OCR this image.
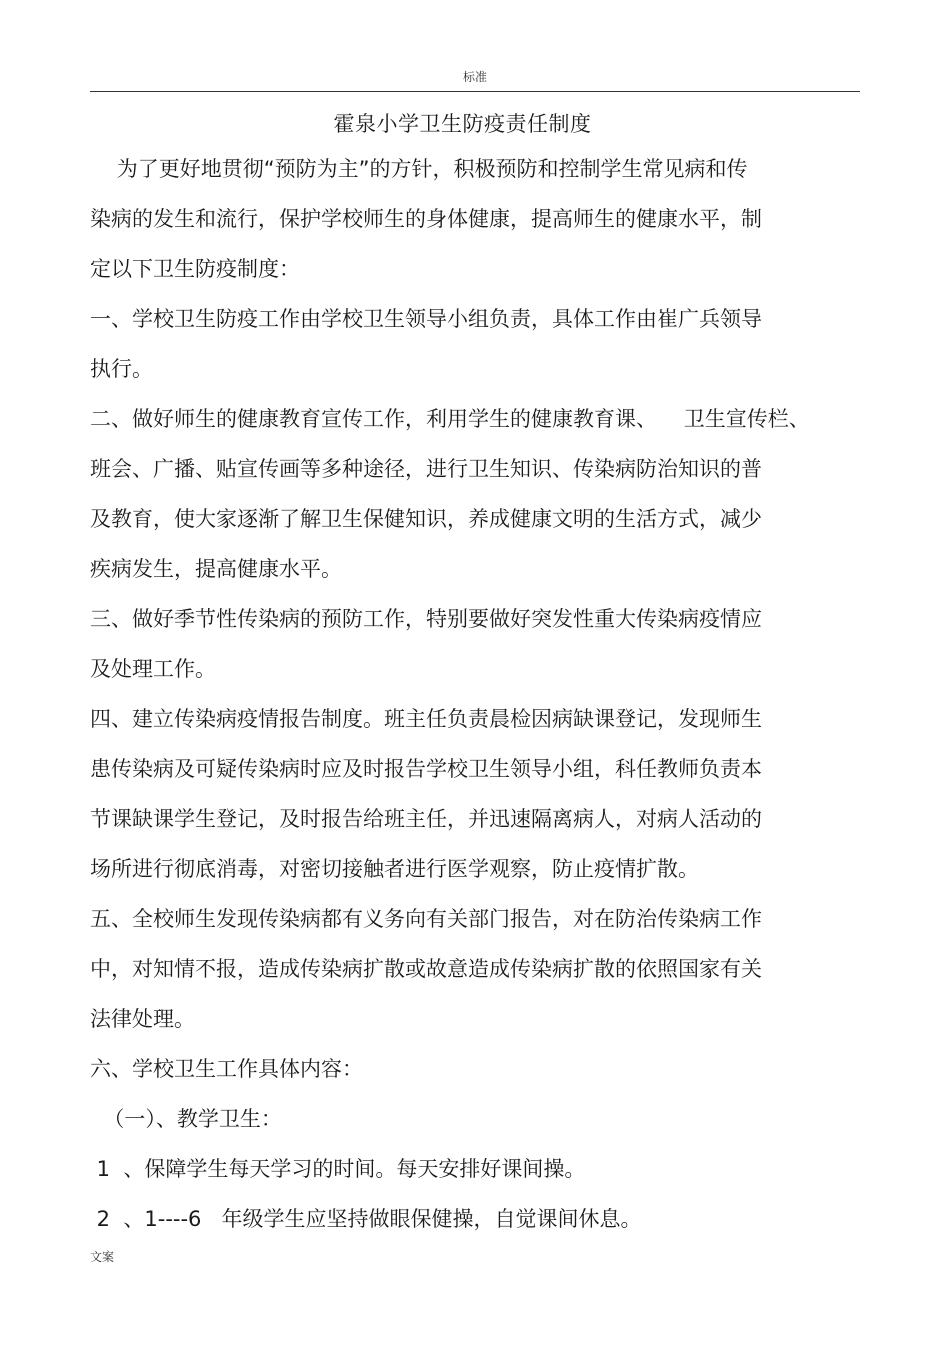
标准
霍泉小学卫生防疫责任制度
为了更好地贯彻“预防为主”的方针，积极预防和控制学生常见病和传
染病的发生和流行，保护学校师生的身体健康，提高师生的健康水平，制
定以下卫生防疫制度：
一、学校卫生防疫工作由学校卫生领导小组负责，具体工作由崔广兵领导
执行。
二、做好师生的健康教育宣传工作，利用学生的健康教育课、    卫生宣传栏、
班会、广播、贴宣传画等多种途径，进行卫生知识、传染病防治知识的普
及教育，使大家逐渐了解卫生保健知识，养成健康文明的生活方式，减少
疾病发生，提高健康水平。
三、做好季节性传染病的预防工作，特别要做好突发性重大传染病疫情应
及处理工作。
四、建立传染病疫情报告制度。班主任负责晨检因病缺课登记，发现师生
患传染病及可疑传染病时应及时报告学校卫生领导小组，科任教师负责本
节课缺课学生登记，及时报告给班主任，并迅速隔离病人，对病人活动的
场所进行彻底消毒，对密切接触者进行医学观察，防止疫情扩散。
五、全校师生发现传染病都有义务向有关部门报告，对在防治传染病工作
中，对知情不报，造成传染病扩散或故意造成传染病扩散的依照国家有关
法律处理。
六、学校卫生工作具体内容：
（一）、教学卫生：
1  、保障学生每天学习的时间。每天安排好课间操。
2  、1----6   年级学生应坚持做眼保健操，自觉课间休息。
文案
